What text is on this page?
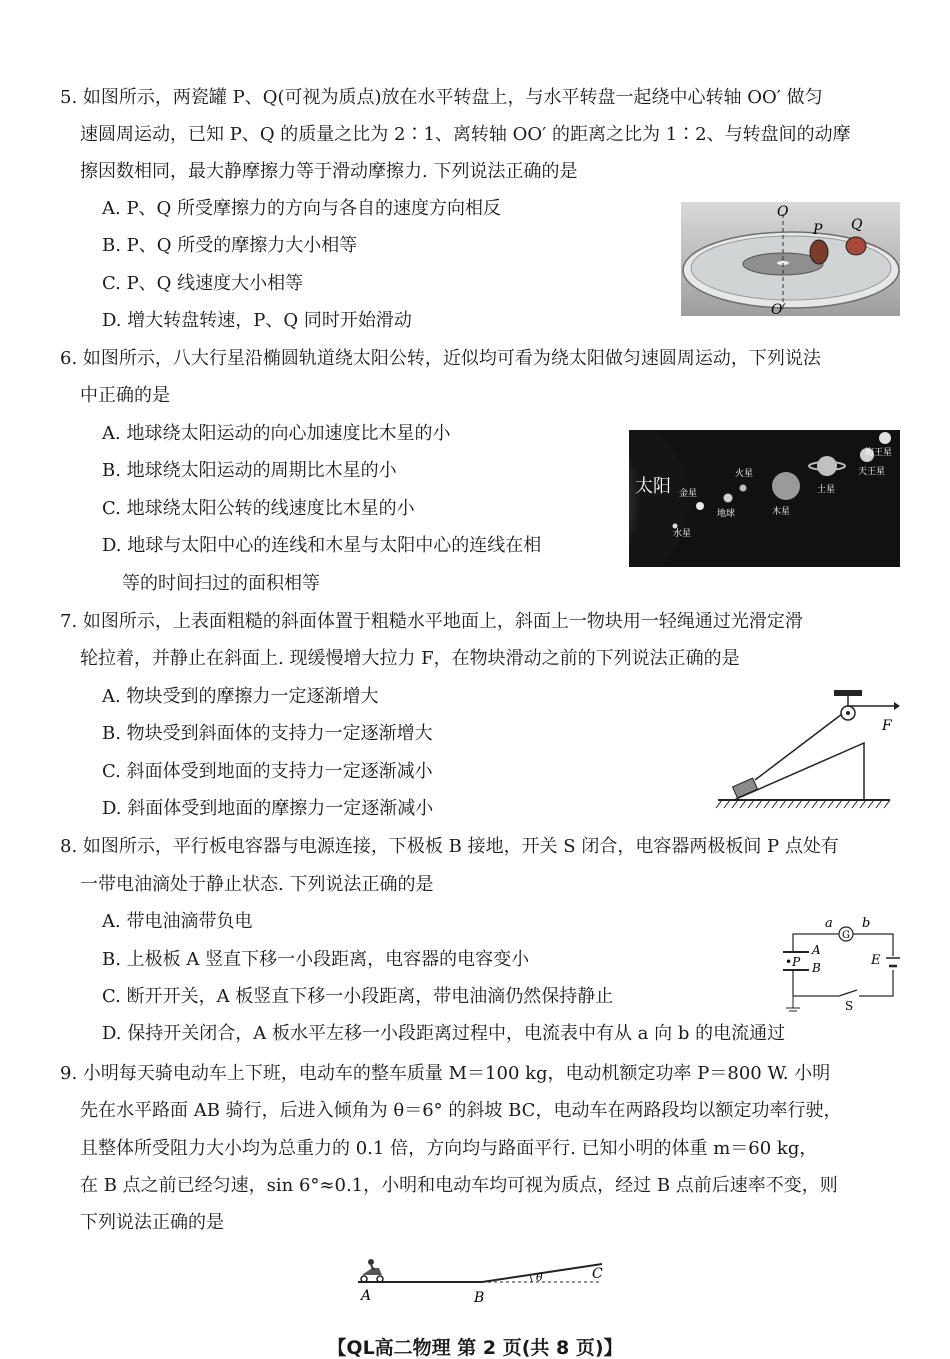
5. 如图所示，两瓷罐 P、Q(可视为质点)放在水平转盘上，与水平转盘一起绕中心转轴 OO′ 做匀
速圆周运动，已知 P、Q 的质量之比为 2∶1、离转轴 OO′ 的距离之比为 1∶2、与转盘间的动摩
擦因数相同，最大静摩擦力等于滑动摩擦力. 下列说法正确的是
A. P、Q 所受摩擦力的方向与各自的速度方向相反
B. P、Q 所受的摩擦力大小相等
C. P、Q 线速度大小相等
D. 增大转盘转速，P、Q 同时开始滑动
O
O′
P Q
6. 如图所示，八大行星沿椭圆轨道绕太阳公转，近似均可看为绕太阳做匀速圆周运动，下列说法
中正确的是
A. 地球绕太阳运动的向心加速度比木星的小
B. 地球绕太阳运动的周期比木星的小
C. 地球绕太阳公转的线速度比木星的小
D. 地球与太阳中心的连线和木星与太阳中心的连线在相
等的时间扫过的面积相等
太阳
水星
金星
地球
火星
木星
土星
天王星
海王星
7. 如图所示，上表面粗糙的斜面体置于粗糙水平地面上，斜面上一物块用一轻绳通过光滑定滑
轮拉着，并静止在斜面上. 现缓慢增大拉力 F，在物块滑动之前的下列说法正确的是
A. 物块受到的摩擦力一定逐渐增大
B. 物块受到斜面体的支持力一定逐渐增大
C. 斜面体受到地面的支持力一定逐渐减小
D. 斜面体受到地面的摩擦力一定逐渐减小
F
8. 如图所示，平行板电容器与电源连接，下极板 B 接地，开关 S 闭合，电容器两极板间 P 点处有
一带电油滴处于静止状态. 下列说法正确的是
A. 带电油滴带负电
B. 上极板 A 竖直下移一小段距离，电容器的电容变小
C. 断开开关，A 板竖直下移一小段距离，带电油滴仍然保持静止
D. 保持开关闭合，A 板水平左移一小段距离过程中，电流表中有从 a 向 b 的电流通过
G
a b
•P
A
B	E
S
9. 小明每天骑电动车上下班，电动车的整车质量 M＝100 kg，电动机额定功率 P＝800 W. 小明
先在水平路面 AB 骑行，后进入倾角为 θ＝6° 的斜坡 BC，电动车在两路段均以额定功率行驶，
且整体所受阻力大小均为总重力的 0.1 倍，方向均与路面平行. 已知小明的体重 m＝60 kg，
在 B 点之前已经匀速，sin 6°≈0.1，小明和电动车均可视为质点，经过 B 点前后速率不变，则
下列说法正确的是
θ
A	B
C
【QL高二物理 第 2 页(共 8 页)】
